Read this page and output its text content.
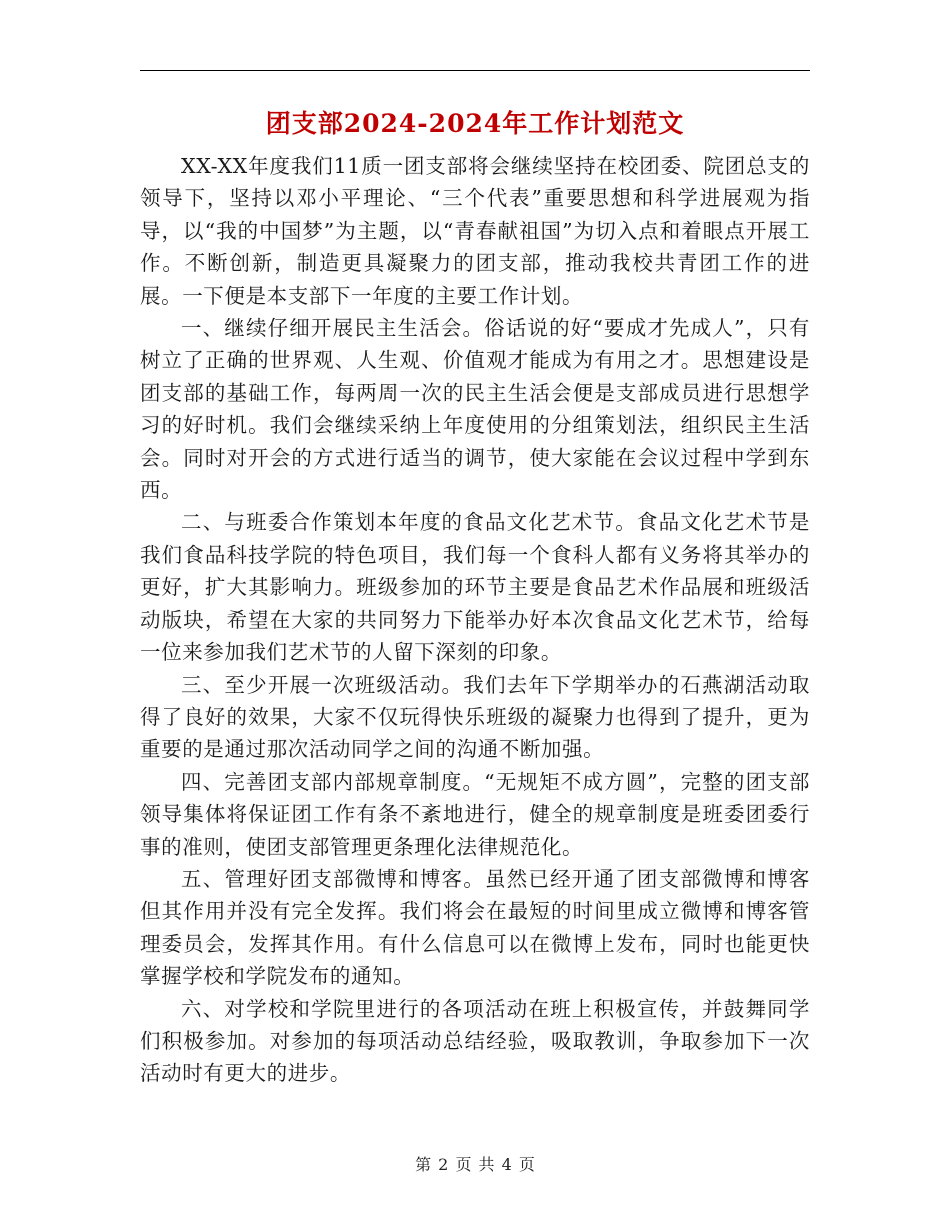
团支部2024-2024年工作计划范文

XX-XX年度我们11质一团支部将会继续坚持在校团委、院团总支的领导下，坚持以邓小平理论、“三个代表”重要思想和科学进展观为指导，以“我的中国梦”为主题，以“青春献祖国”为切入点和着眼点开展工作。不断创新，制造更具凝聚力的团支部，推动我校共青团工作的进展。一下便是本支部下一年度的主要工作计划。

一、继续仔细开展民主生活会。俗话说的好“要成才先成人”，只有树立了正确的世界观、人生观、价值观才能成为有用之才。思想建设是团支部的基础工作，每两周一次的民主生活会便是支部成员进行思想学习的好时机。我们会继续采纳上年度使用的分组策划法，组织民主生活会。同时对开会的方式进行适当的调节，使大家能在会议过程中学到东西。

二、与班委合作策划本年度的食品文化艺术节。食品文化艺术节是我们食品科技学院的特色项目，我们每一个食科人都有义务将其举办的更好，扩大其影响力。班级参加的环节主要是食品艺术作品展和班级活动版块，希望在大家的共同努力下能举办好本次食品文化艺术节，给每一位来参加我们艺术节的人留下深刻的印象。

三、至少开展一次班级活动。我们去年下学期举办的石燕湖活动取得了良好的效果，大家不仅玩得快乐班级的凝聚力也得到了提升，更为重要的是通过那次活动同学之间的沟通不断加强。

四、完善团支部内部规章制度。“无规矩不成方圆”，完整的团支部领导集体将保证团工作有条不紊地进行，健全的规章制度是班委团委行事的准则，使团支部管理更条理化法律规范化。

五、管理好团支部微博和博客。虽然已经开通了团支部微博和博客但其作用并没有完全发挥。我们将会在最短的时间里成立微博和博客管理委员会，发挥其作用。有什么信息可以在微博上发布，同时也能更快掌握学校和学院发布的通知。

六、对学校和学院里进行的各项活动在班上积极宣传，并鼓舞同学们积极参加。对参加的每项活动总结经验，吸取教训，争取参加下一次活动时有更大的进步。

第 2 页 共 4 页
